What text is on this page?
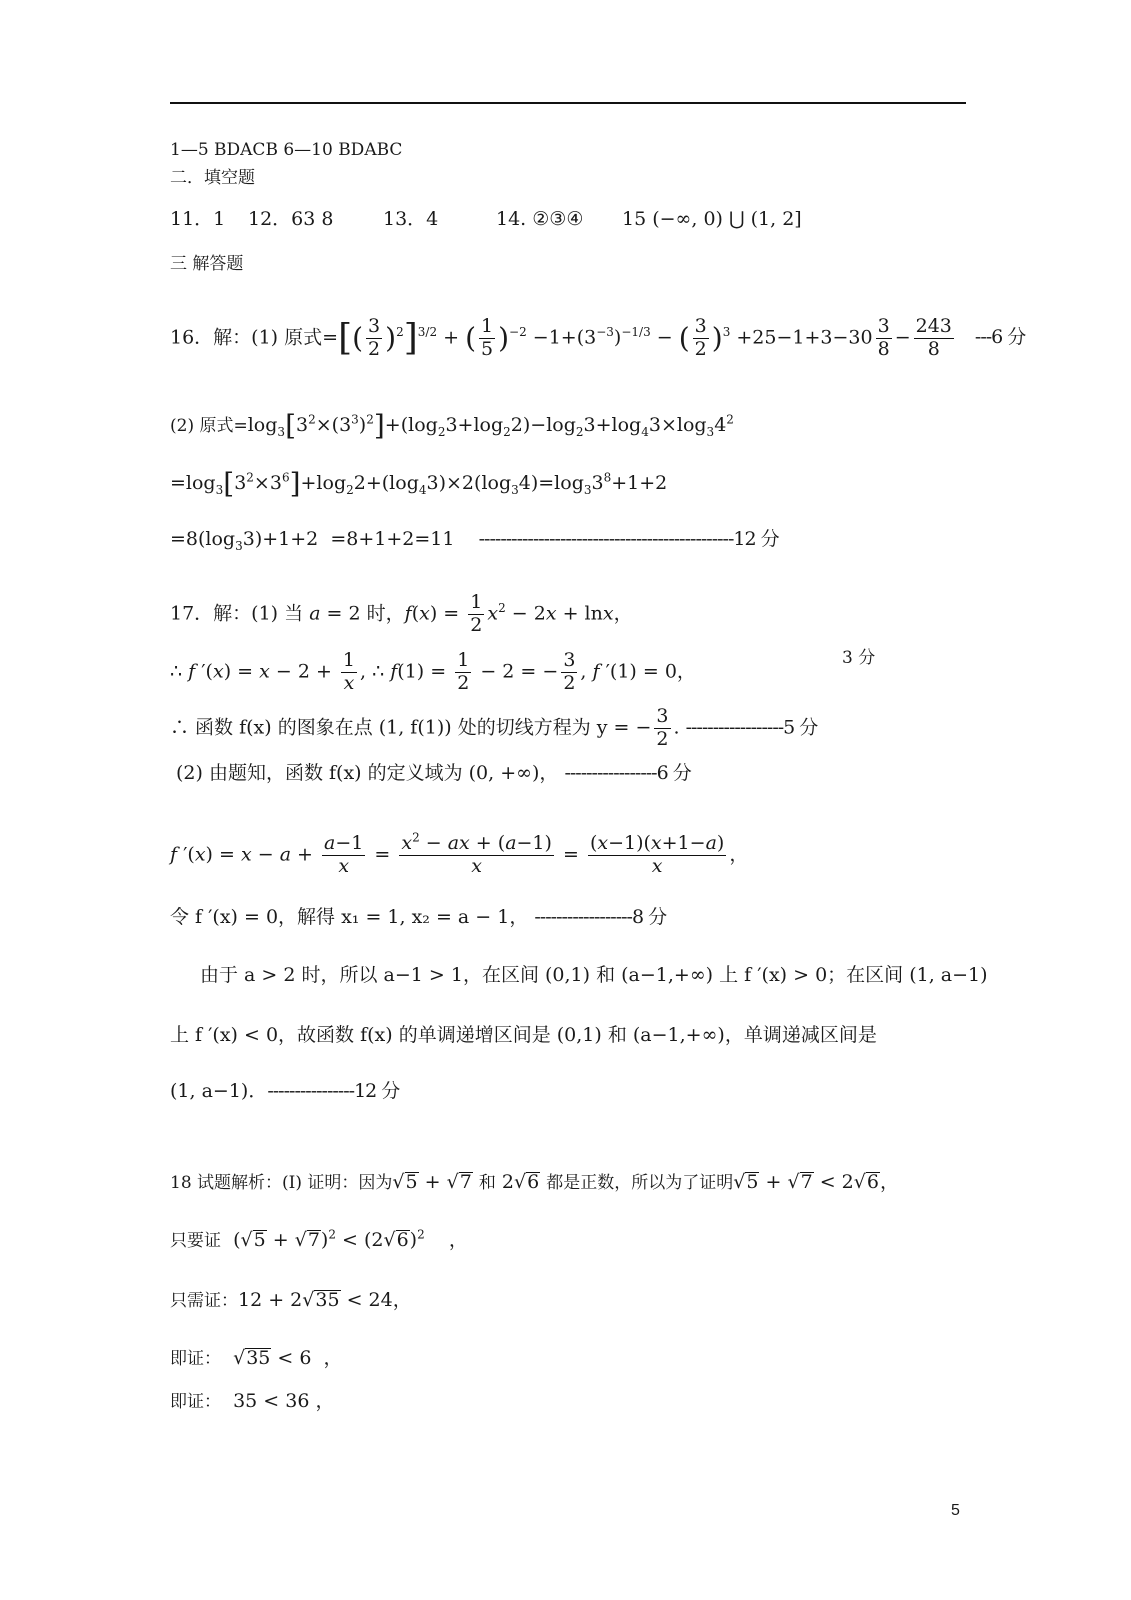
1—5 BDACB 6—10 BDABC
二．填空题
11．1 12．63 8	13．4	14. ②③④ 15 (−∞, 0) ⋃ (1, 2]
三 解答题
16．解：(1) 原式=[( $\frac{3}{2} )^2]^{3/2}$ + ( $\frac{1}{5} )^{-2} -1+(3^{-3})^{-1/3}$ − ( $\frac{3}{2} )^3 +25-1+3-30 \frac{3}{8} - \frac{243}{8} ---6$ 分
(2) 原式$=\log_3[3^2\times(3^3)^2]+(\log_23+\log_22)-\log_23+\log_43\times\log_34^2$
$=\log_3[3^2\times 3^6]+\log_22+(\log_43)\times 2(\log_34)=\log_33^8+1+2$
$=8(\log_33)+1+2 =8+1+2=11$    -----------------------------------------------12 分
17．解：(1) 当 a = 2 时，$f(x) = \frac{1}{2} x^2 - 2x + \ln x$，
∴ f $'(x) = x - 2 + \frac{1}{x}$ , ∴ $f(1) = \frac{1}{2} - 2$ = − $\frac{3}{2}$ , f ′(1) = 0，
3 分
∴ 函数 f(x) 的图象在点 (1, f(1)) 处的切线方程为 y = − $\frac{3}{2}$ . ------------------5 分
(2) 由题知，函数 f(x) 的定义域为 (0, +∞)， -----------------6 分
f $'(x) = x - a + \frac{a-1}{x} = \frac{x^2 - ax + (a-1)}{x} = \frac{(x-1)(x+1-a)}{x}$ ，
令 f ′(x) = 0，解得 x₁ = 1, x₂ = a − 1， ------------------8 分
由于 a > 2 时，所以 a−1 > 1，在区间 (0,1) 和 (a−1,+∞) 上 f ′(x) > 0；在区间 (1, a−1)
上 f ′(x) < 0，故函数 f(x) 的单调递增区间是 (0,1) 和 (a−1,+∞)，单调递减区间是
(1, a−1)．----------------12 分
18 试题解析：(Ⅰ) 证明：因为√5 + √7 和 2√6 都是正数，所以为了证明√5 + √7 < 2√6，
只要证  $(√5 + √7)^2 < (2√6)^2$    ，
只需证：12 + 2√35 < 24，
即证：  √35 < 6  ，
即证： 35 < 36 ，
5
